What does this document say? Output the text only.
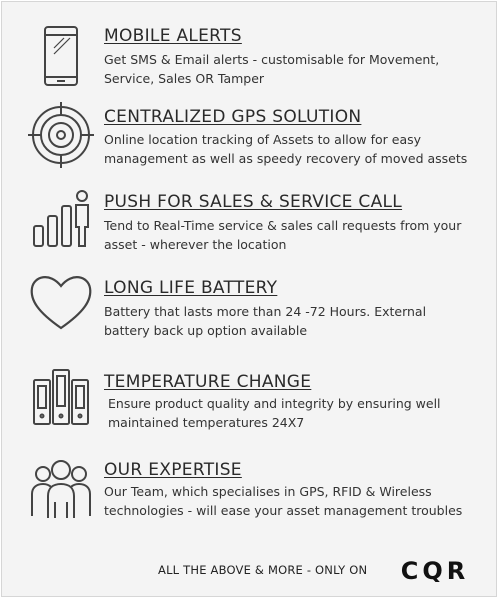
MOBILE ALERTS
Get SMS & Email alerts - customisable for Movement, Service, Sales OR Tamper
CENTRALIZED GPS SOLUTION
Online location tracking of Assets to allow for easy management as well as speedy recovery of moved assets
PUSH FOR SALES & SERVICE CALL
Tend to Real-Time service & sales call requests from your asset - wherever the location
LONG LIFE BATTERY
Battery that lasts more than 24 -72 Hours. External battery back up option available
TEMPERATURE CHANGE
Ensure product quality and integrity by ensuring well maintained temperatures 24X7
OUR EXPERTISE
Our Team, which specialises in GPS, RFID & Wireless technologies - will ease your asset management troubles
ALL THE ABOVE & MORE - ONLY ON CQR
